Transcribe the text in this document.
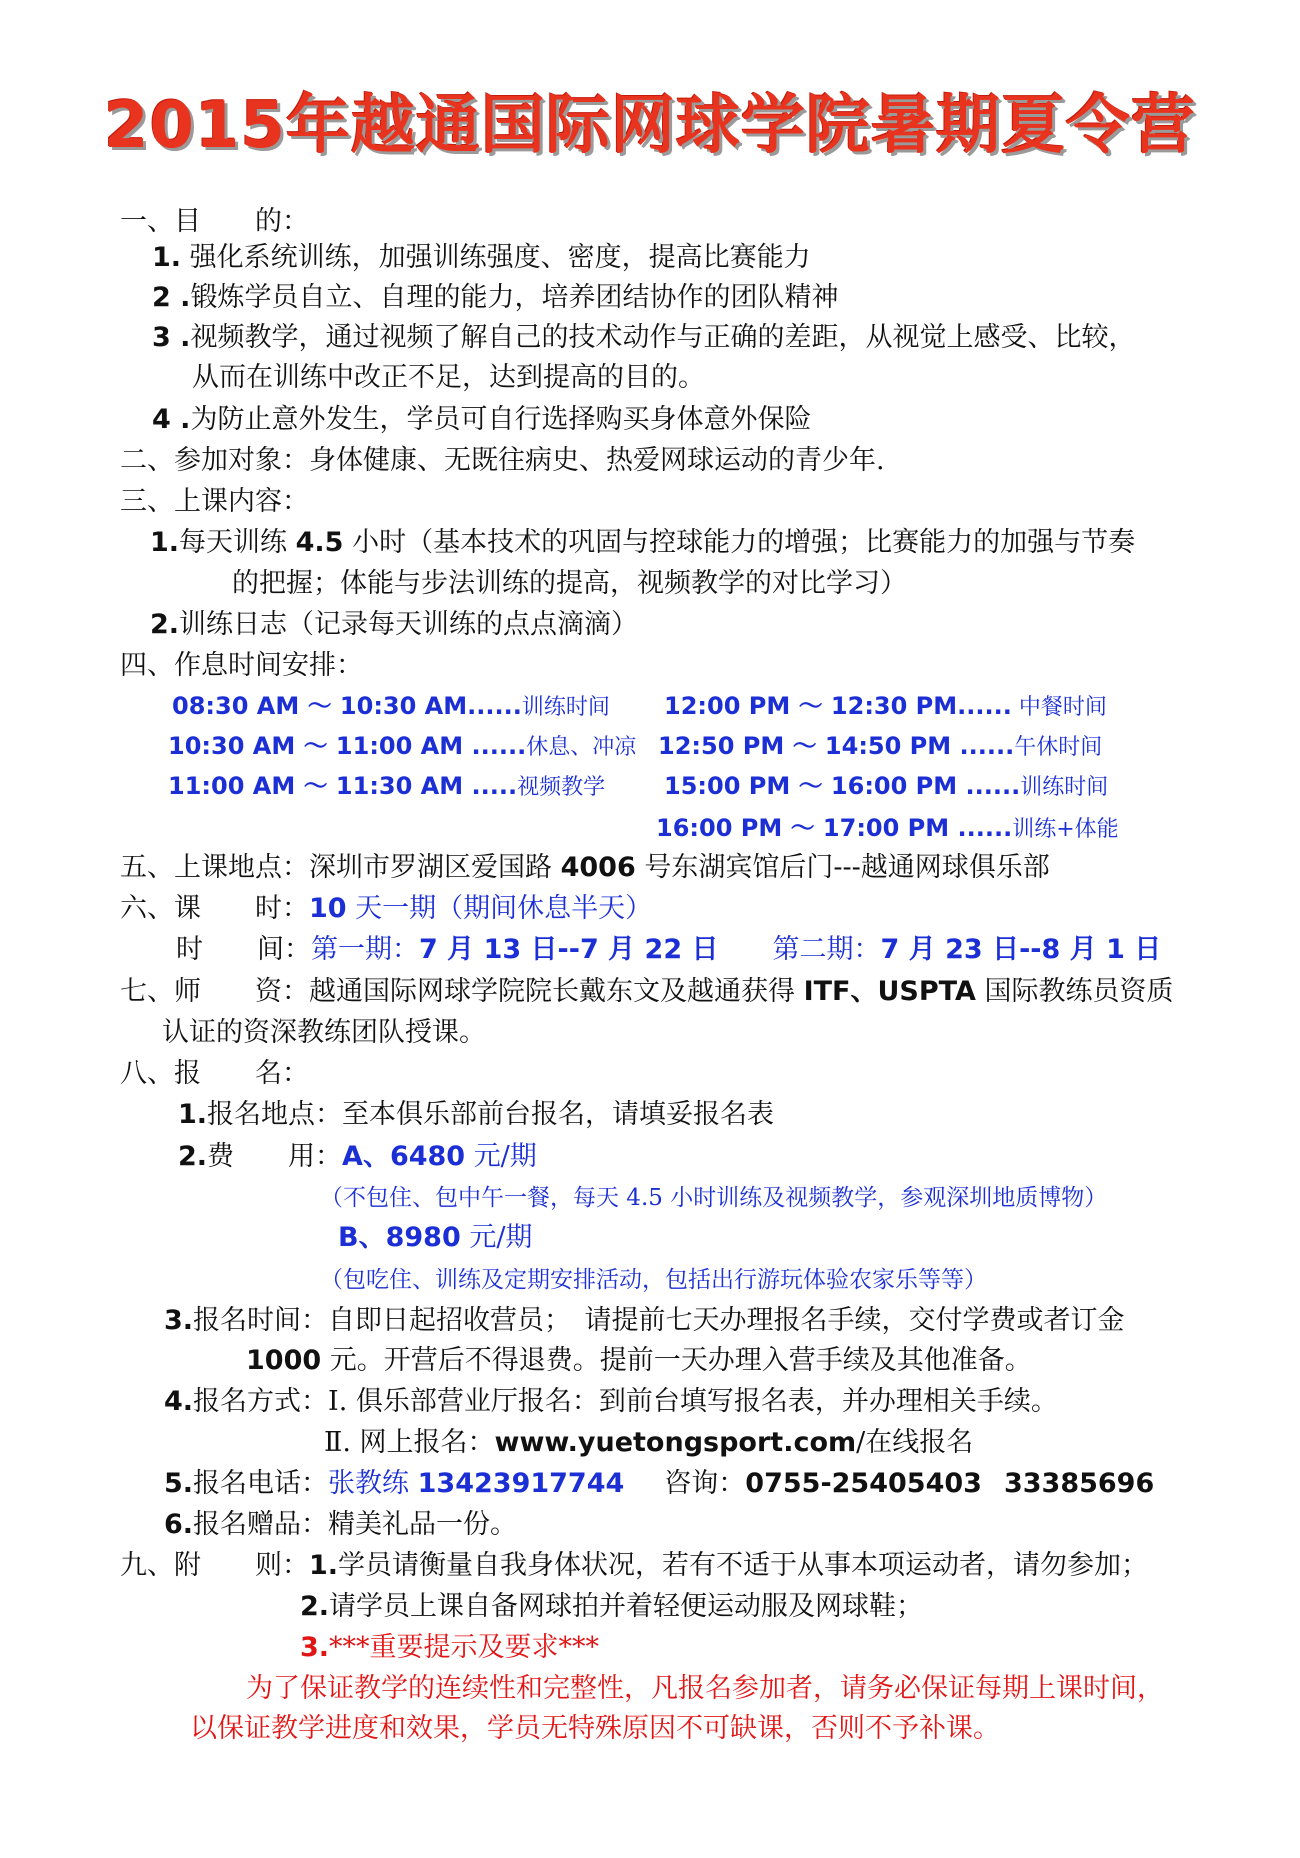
2015年越通国际网球学院暑期夏令营
一、目　　的：
1. 强化系统训练，加强训练强度、密度，提高比赛能力
2 .锻炼学员自立、自理的能力，培养团结协作的团队精神
3 .视频教学，通过视频了解自己的技术动作与正确的差距，从视觉上感受、比较，
从而在训练中改正不足，达到提高的目的。
4 .为防止意外发生，学员可自行选择购买身体意外保险
二、参加对象：身体健康、无既往病史、热爱网球运动的青少年.
三、上课内容：
1.每天训练 4.5 小时（基本技术的巩固与控球能力的增强；比赛能力的加强与节奏
的把握；体能与步法训练的提高，视频教学的对比学习）
2.训练日志（记录每天训练的点点滴滴）
四、作息时间安排：
08:30 AM ～ 10:30 AM......训练时间
10:30 AM ～ 11:00 AM ......休息、冲凉
11:00 AM ～ 11:30 AM .....视频教学
12:00 PM ～ 12:30 PM...... 中餐时间
12:50 PM ～ 14:50 PM ......午休时间
15:00 PM ～ 16:00 PM ......训练时间
16:00 PM ～ 17:00 PM ......训练+体能
五、上课地点：深圳市罗湖区爱国路 4006 号东湖宾馆后门---越通网球俱乐部
六、课　　时：10 天一期（期间休息半天）
时　　间：第一期：7 月 13 日--7 月 22 日 第二期：7 月 23 日--8 月 1 日
七、师　　资：越通国际网球学院院长戴东文及越通获得 ITF、USPTA 国际教练员资质
认证的资深教练团队授课。
八、报　　名：
1.报名地点：至本俱乐部前台报名，请填妥报名表
2.费　　用：A、6480 元/期
（不包住、包中午一餐，每天 4.5 小时训练及视频教学，参观深圳地质博物）
B、8980 元/期
（包吃住、训练及定期安排活动，包括出行游玩体验农家乐等等）
3.报名时间：自即日起招收营员；　请提前七天办理报名手续，交付学费或者订金
1000 元。开营后不得退费。提前一天办理入营手续及其他准备。
4.报名方式：I. 俱乐部营业厅报名：到前台填写报名表，并办理相关手续。
Ⅱ. 网上报名：www.yuetongsport.com/在线报名
5.报名电话：张教练 13423917744 咨询：0755-25405403 33385696
6.报名赠品：精美礼品一份。
九、附　　则：1.学员请衡量自我身体状况，若有不适于从事本项运动者，请勿参加；
2.请学员上课自备网球拍并着轻便运动服及网球鞋；
3.***重要提示及要求***
为了保证教学的连续性和完整性，凡报名参加者，请务必保证每期上课时间，
以保证教学进度和效果，学员无特殊原因不可缺课，否则不予补课。
